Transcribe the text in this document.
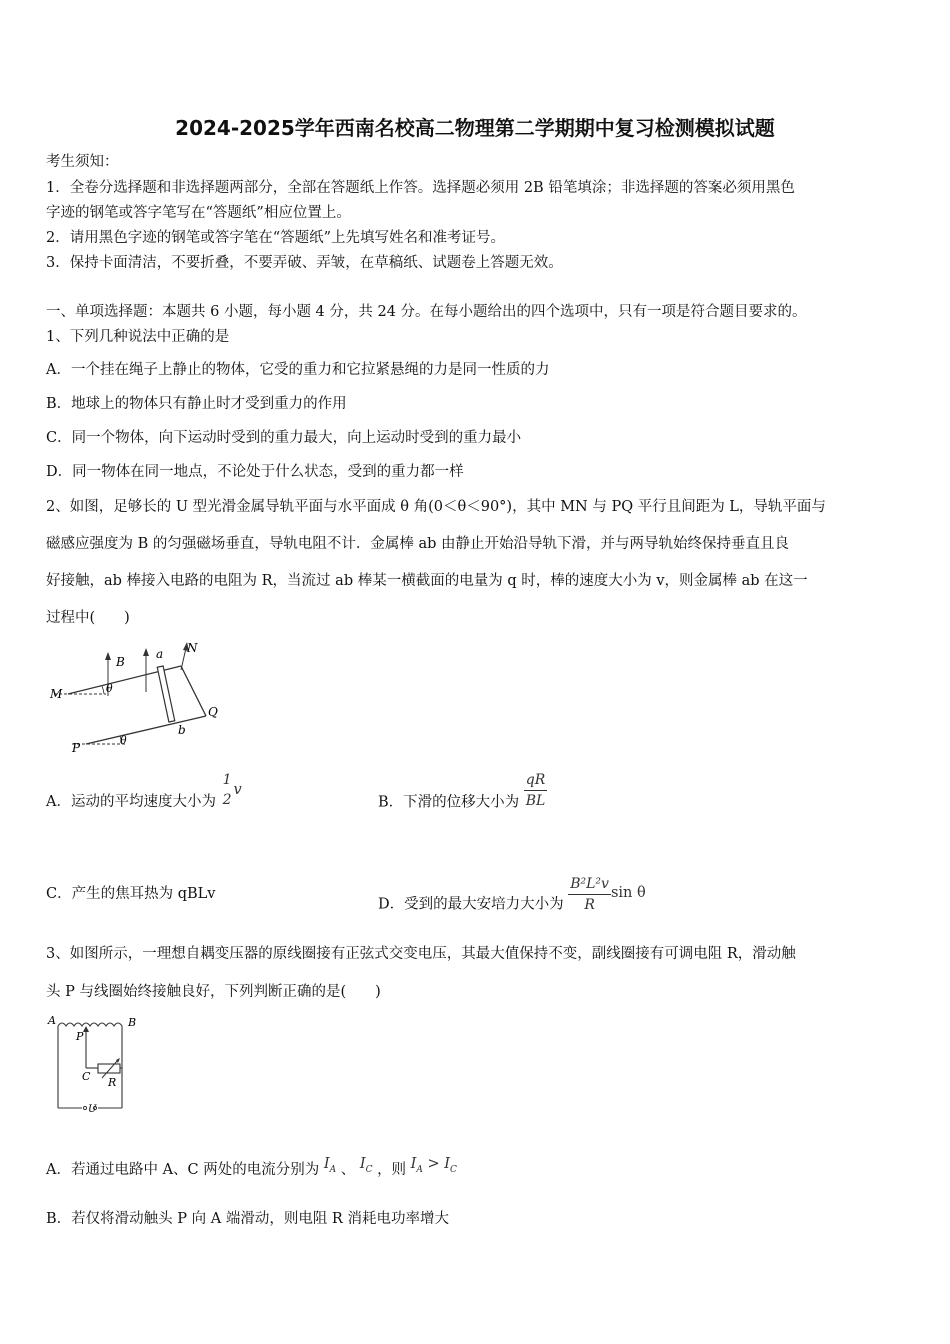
2024-2025学年西南名校高二物理第二学期期中复习检测模拟试题
考生须知：
1．全卷分选择题和非选择题两部分，全部在答题纸上作答。选择题必须用 2B 铅笔填涂；非选择题的答案必须用黑色
字迹的钢笔或答字笔写在“答题纸”相应位置上。
2．请用黑色字迹的钢笔或答字笔在“答题纸”上先填写姓名和准考证号。
3．保持卡面清洁，不要折叠，不要弄破、弄皱，在草稿纸、试题卷上答题无效。
一、单项选择题：本题共 6 小题，每小题 4 分，共 24 分。在每小题给出的四个选项中，只有一项是符合题目要求的。
1、下列几种说法中正确的是
A．一个挂在绳子上静止的物体，它受的重力和它拉紧悬绳的力是同一性质的力
B．地球上的物体只有静止时才受到重力的作用
C．同一个物体，向下运动时受到的重力最大，向上运动时受到的重力最小
D．同一物体在同一地点，不论处于什么状态，受到的重力都一样
2、如图，足够长的 U 型光滑金属导轨平面与水平面成 θ 角(0＜θ＜90°)，其中 MN 与 PQ 平行且间距为 L，导轨平面与
磁感应强度为 B 的匀强磁场垂直，导轨电阻不计．金属棒 ab 由静止开始沿导轨下滑，并与两导轨始终保持垂直且良
好接触，ab 棒接入电路的电阻为 R，当流过 ab 棒某一横截面的电量为 q 时，棒的速度大小为 v，则金属棒 ab 在这一
过程中(　　)
B
a N
M
Q
b
P
θ
θ
A．运动的平均速度大小为
1
2
v
B．下滑的位移大小为 $\frac{qR}{BL}$
C．产生的焦耳热为 qBLv
D．受到的最大安培力大小为 $\frac{\text{B²L²v}}{R}$ sin θ
3、如图所示，一理想自耦变压器的原线圈接有正弦式交变电压，其最大值保持不变，副线圈接有可调电阻 R，滑动触
头 P 与线圈始终接触良好，下列判断正确的是(　　)
A	B
P
C R
U
A．若通过电路中 A、C 两处的电流分别为 $I_A$ 、 $I_C$ ，则 $I_A > I_C$
B．若仅将滑动触头 P 向 A 端滑动，则电阻 R 消耗电功率增大
